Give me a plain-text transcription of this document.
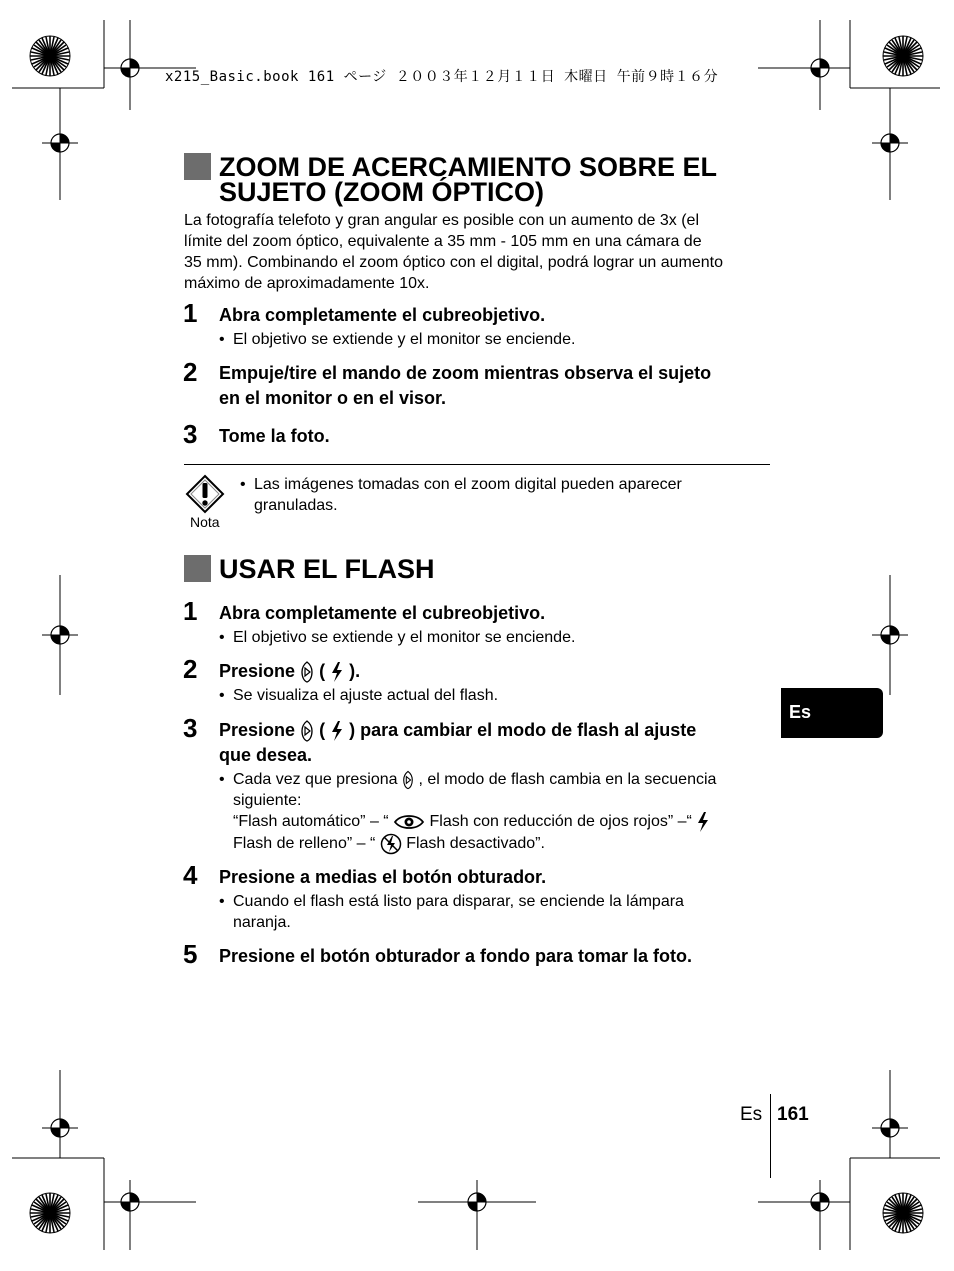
x215_Basic.book 161 ページ ２００３年１２月１１日 木曜日 午前９時１６分
ZOOM DE ACERCAMIENTO SOBRE EL
SUJETO (ZOOM ÓPTICO)
La fotografía telefoto y gran angular es posible con un aumento de 3x (el
límite del zoom óptico, equivalente a 35 mm - 105 mm en una cámara de
35 mm). Combinando el zoom óptico con el digital, podrá lograr un aumento
máximo de aproximadamente 10x.
1 Abra completamente el cubreobjetivo.
• El objetivo se extiende y el monitor se enciende.
2 Empuje/tire el mando de zoom mientras observa el sujeto
en el monitor o en el visor.
3 Tome la foto.
Nota
• Las imágenes tomadas con el zoom digital pueden aparecer
granuladas.
USAR EL FLASH
1 Abra completamente el cubreobjetivo.
• El objetivo se extiende y el monitor se enciende.
2 Presione ( ).
• Se visualiza el ajuste actual del flash.
3 Presione ( ) para cambiar el modo de flash al ajuste
que desea.
• Cada vez que presiona , el modo de flash cambia en la secuencia
siguiente:
“Flash automático” – “	Flash con reducción de ojos rojos” –“
Flash de relleno” – “ Flash desactivado”.
4 Presione a medias el botón obturador.
• Cuando el flash está listo para disparar, se enciende la lámpara
naranja.
5 Presione el botón obturador a fondo para tomar la foto.
Es
Es 161
